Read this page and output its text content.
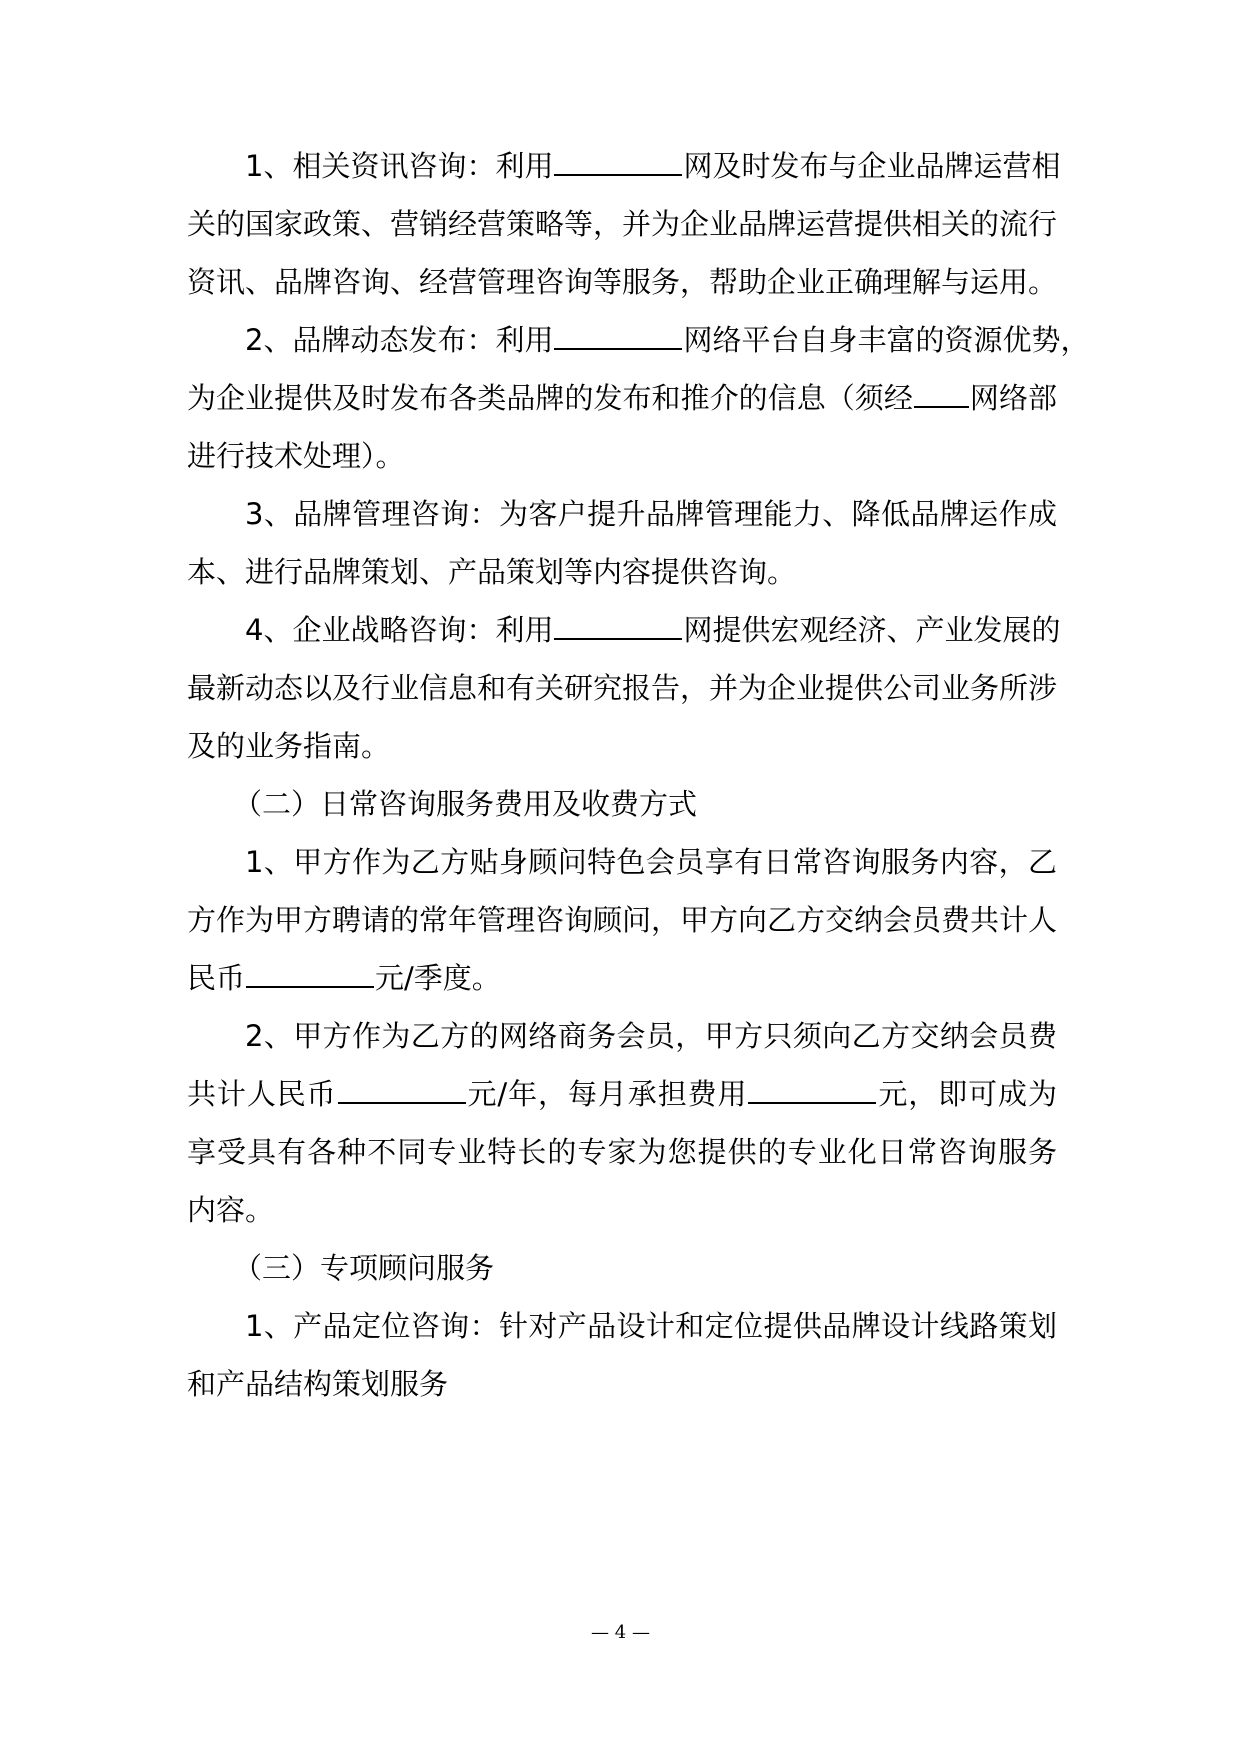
1、相关资讯咨询：利用	网及时发布与企业品牌运营相
关的国家政策、营销经营策略等，并为企业品牌运营提供相关的流行
资讯、品牌咨询、经营管理咨询等服务，帮助企业正确理解与运用。
2、品牌动态发布：利用	网络平台自身丰富的资源优势，
为企业提供及时发布各类品牌的发布和推介的信息（须经 网络部
进行技术处理）。
3、品牌管理咨询：为客户提升品牌管理能力、降低品牌运作成
本、进行品牌策划、产品策划等内容提供咨询。
4、企业战略咨询：利用	网提供宏观经济、产业发展的
最新动态以及行业信息和有关研究报告，并为企业提供公司业务所涉
及的业务指南。
（二）日常咨询服务费用及收费方式
1、甲方作为乙方贴身顾问特色会员享有日常咨询服务内容，乙
方作为甲方聘请的常年管理咨询顾问，甲方向乙方交纳会员费共计人
民币	元/季度。
2、甲方作为乙方的网络商务会员，甲方只须向乙方交纳会员费
共计人民币	元/年，每月承担费用	元，即可成为
享受具有各种不同专业特长的专家为您提供的专业化日常咨询服务
内容。
（三）专项顾问服务
1、产品定位咨询：针对产品设计和定位提供品牌设计线路策划
和产品结构策划服务
— 4 —
